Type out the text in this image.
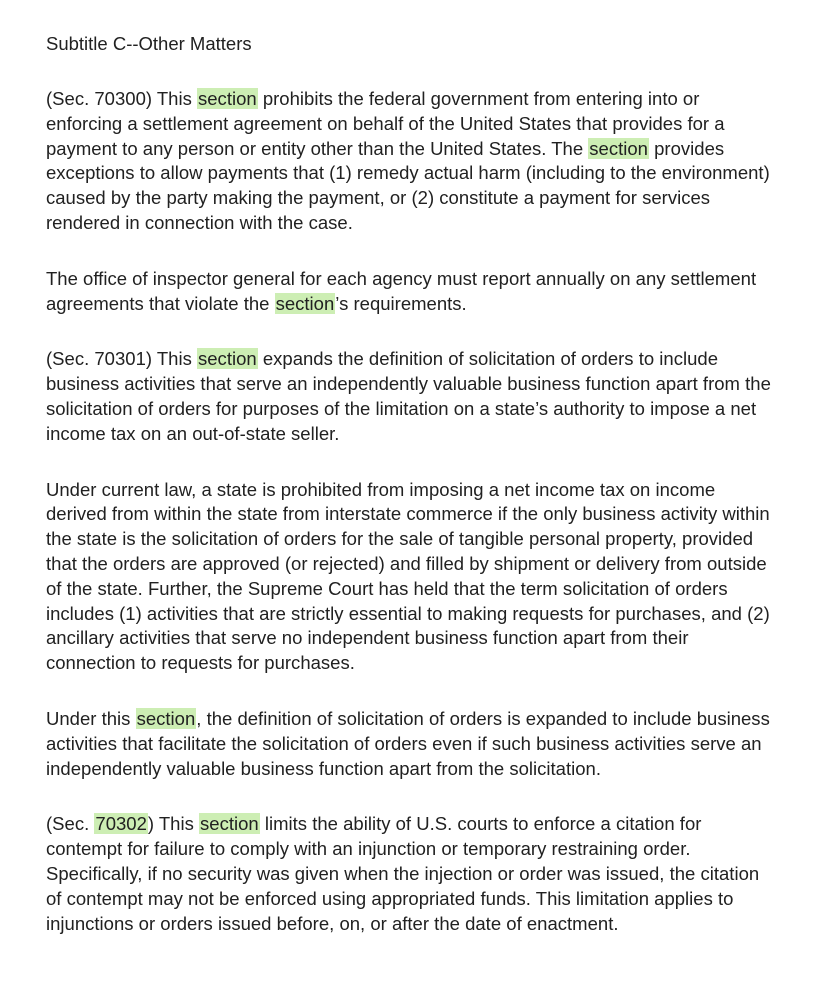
Subtitle C--Other Matters

(Sec. 70300) This section prohibits the federal government from entering into or enforcing a settlement agreement on behalf of the United States that provides for a payment to any person or entity other than the United States. The section provides exceptions to allow payments that (1) remedy actual harm (including to the environment) caused by the party making the payment, or (2) constitute a payment for services rendered in connection with the case.

The office of inspector general for each agency must report annually on any settlement agreements that violate the section’s requirements.

(Sec. 70301) This section expands the definition of solicitation of orders to include business activities that serve an independently valuable business function apart from the solicitation of orders for purposes of the limitation on a state’s authority to impose a net income tax on an out-of-state seller.

Under current law, a state is prohibited from imposing a net income tax on income derived from within the state from interstate commerce if the only business activity within the state is the solicitation of orders for the sale of tangible personal property, provided that the orders are approved (or rejected) and filled by shipment or delivery from outside of the state. Further, the Supreme Court has held that the term solicitation of orders includes (1) activities that are strictly essential to making requests for purchases, and (2) ancillary activities that serve no independent business function apart from their connection to requests for purchases.

Under this section, the definition of solicitation of orders is expanded to include business activities that facilitate the solicitation of orders even if such business activities serve an independently valuable business function apart from the solicitation.

(Sec. 70302) This section limits the ability of U.S. courts to enforce a citation for contempt for failure to comply with an injunction or temporary restraining order. Specifically, if no security was given when the injection or order was issued, the citation of contempt may not be enforced using appropriated funds. This limitation applies to injunctions or orders issued before, on, or after the date of enactment.
